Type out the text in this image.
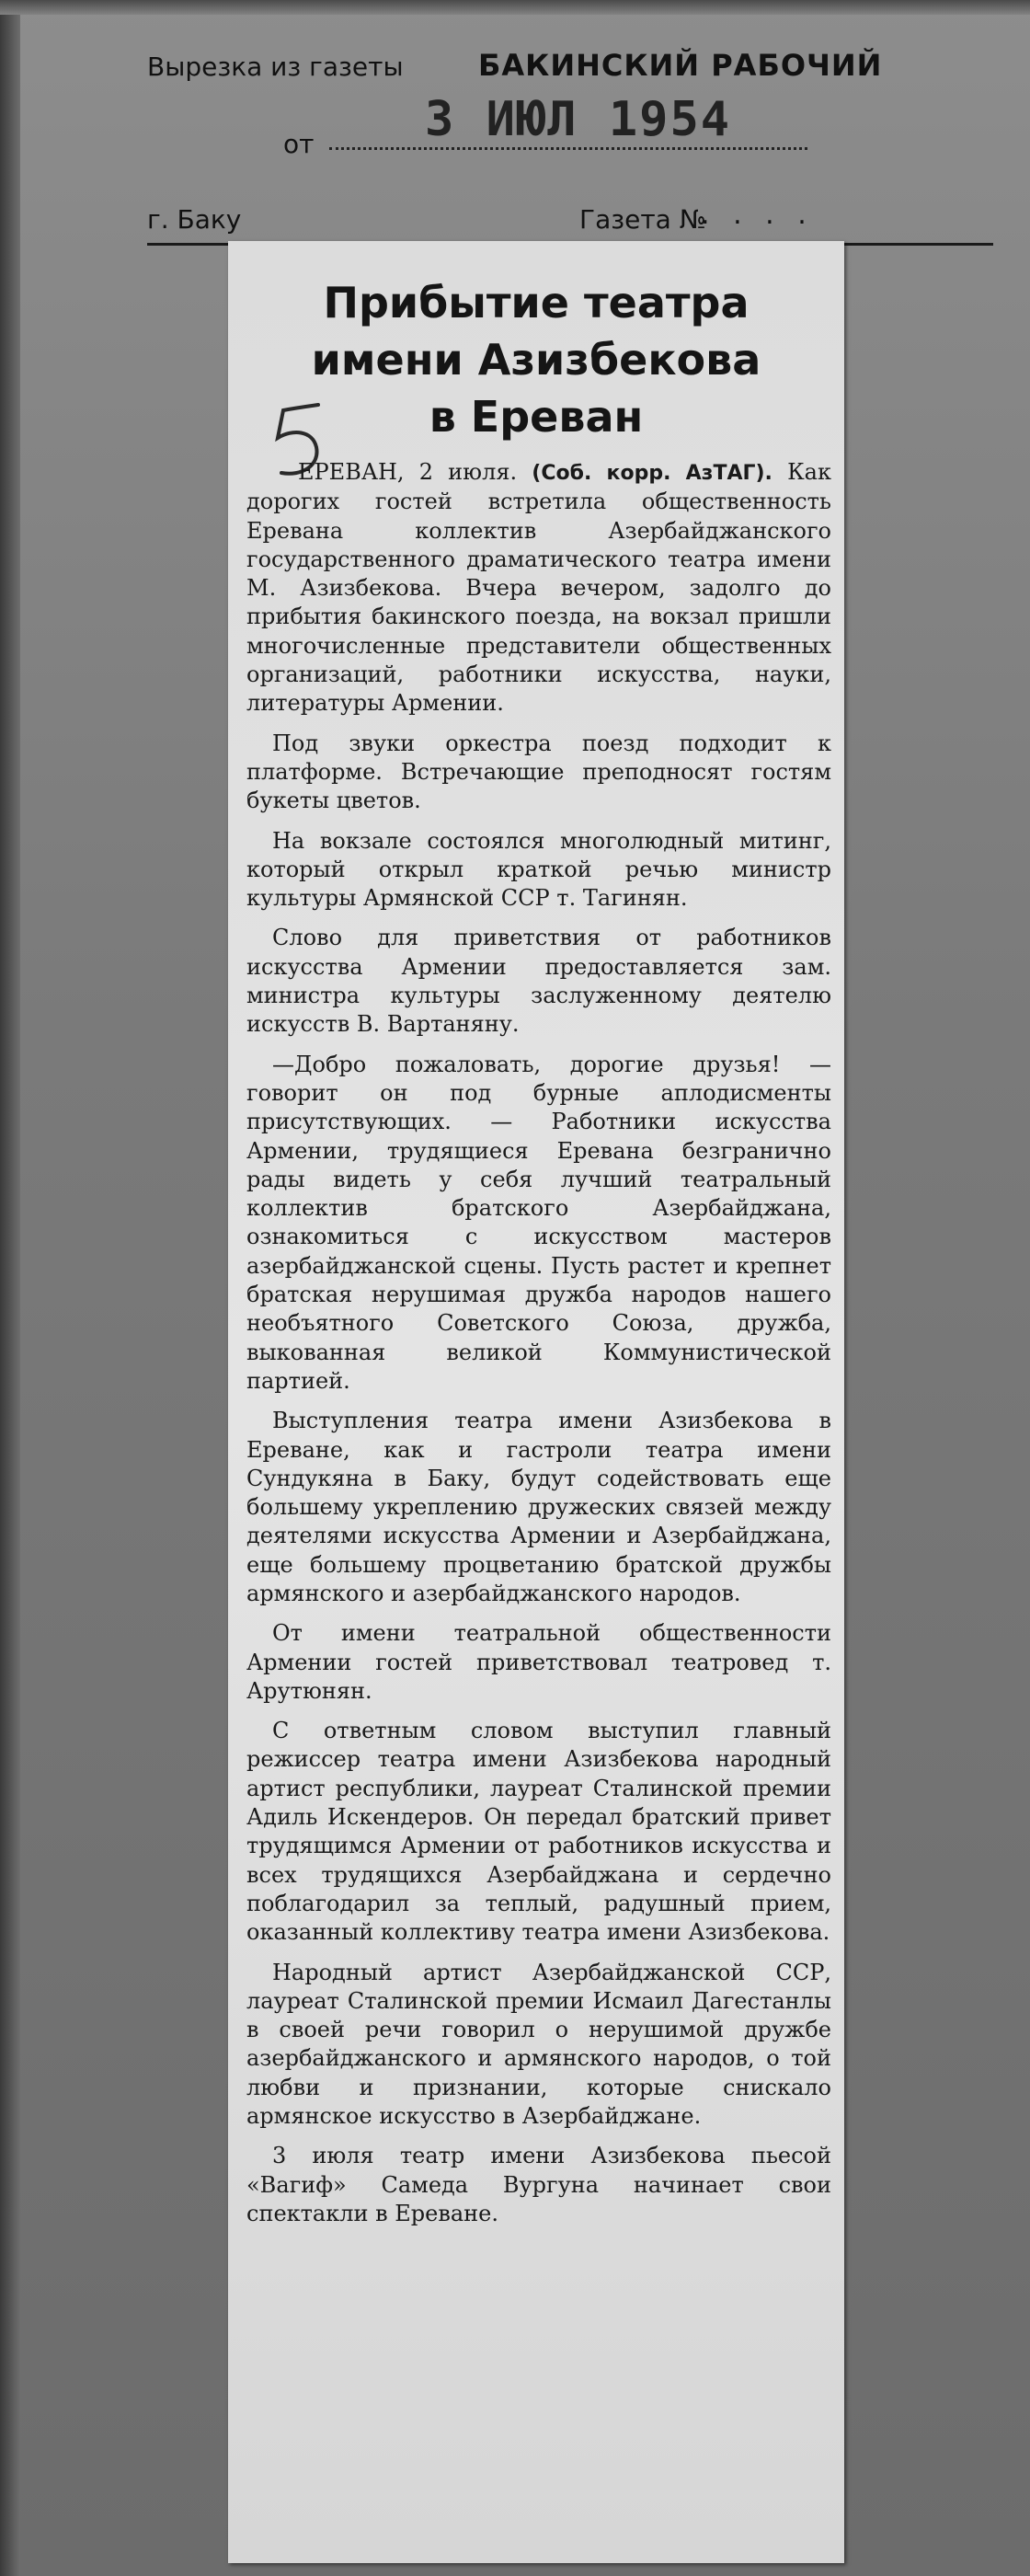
Вырезка из газеты	БАКИНСКИЙ РАБОЧИЙ
от 3 ИЮЛ 1954
г. Баку	Газета №
. . . .
Прибытие театра
имени Азизбекова
в Ереван

ЕРЕВАН, 2 июля. (Соб. корр. АзТАГ). Как дорогих гостей встретила общественность Еревана коллектив Азербайджанского государственного драматического театра имени М. Азизбекова. Вчера вечером, задолго до прибытия бакинского поезда, на вокзал пришли многочисленные представители общественных организаций, работники искусства, науки, литературы Армении.

Под звуки оркестра поезд подходит к платформе. Встречающие преподносят гостям букеты цветов.

На вокзале состоялся многолюдный митинг, который открыл краткой речью министр культуры Армянской ССР т. Тагинян.

Слово для приветствия от работников искусства Армении предоставляется зам. министра культуры заслуженному деятелю искусств В. Вартаняну.

—Добро пожаловать, дорогие друзья! — говорит он под бурные аплодисменты присутствующих. — Работники искусства Армении, трудящиеся Еревана безгранично рады видеть у себя лучший театральный коллектив братского Азербайджана, ознакомиться с искусством мастеров азербайджанской сцены. Пусть растет и крепнет братская нерушимая дружба народов нашего необъятного Советского Союза, дружба, выкованная великой Коммунистической партией.

Выступления театра имени Азизбекова в Ереване, как и гастроли театра имени Сундукяна в Баку, будут содействовать еще большему укреплению дружеских связей между деятелями искусства Армении и Азербайджана, еще большему процветанию братской дружбы армянского и азербайджанского народов.

От имени театральной общественности Армении гостей приветствовал театровед т. Арутюнян.

С ответным словом выступил главный режиссер театра имени Азизбекова народный артист республики, лауреат Сталинской премии Адиль Искендеров. Он передал братский привет трудящимся Армении от работников искусства и всех трудящихся Азербайджана и сердечно поблагодарил за теплый, радушный прием, оказанный коллективу театра имени Азизбекова.

Народный артист Азербайджанской ССР, лауреат Сталинской премии Исмаил Дагестанлы в своей речи говорил о нерушимой дружбе азербайджанского и армянского народов, о той любви и признании, которые снискало армянское искусство в Азербайджане.

3 июля театр имени Азизбекова пьесой «Вагиф» Самеда Вургуна начинает свои спектакли в Ереване.
